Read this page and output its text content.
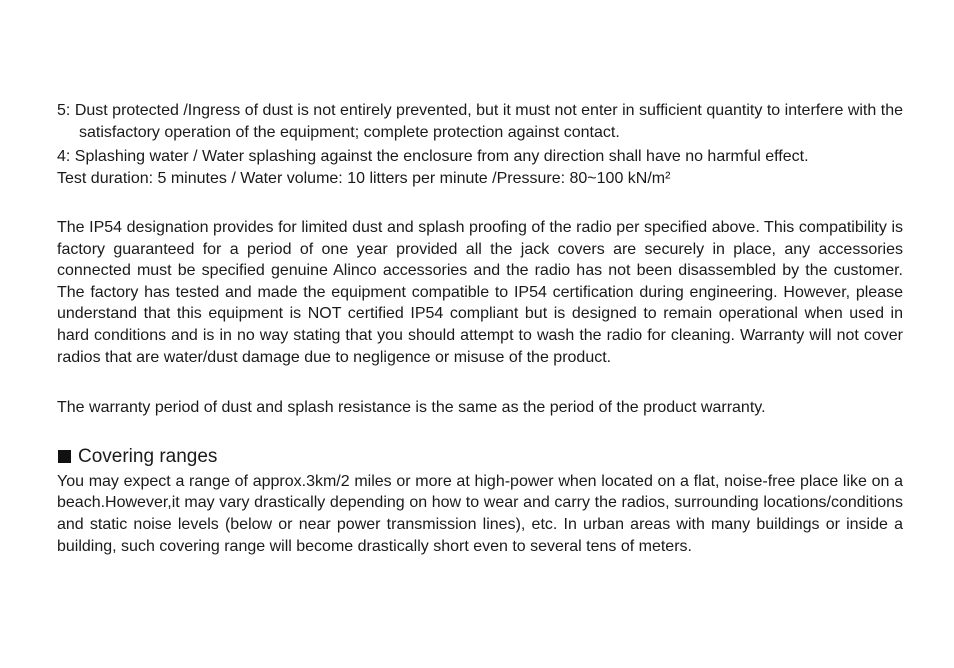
5: Dust protected /Ingress of dust is not entirely prevented, but it must not enter in sufficient quantity to interfere with the satisfactory operation of the equipment; complete protection against contact.

4: Splashing water / Water splashing against the enclosure from any direction shall have no harmful effect.
Test duration: 5 minutes / Water volume: 10 litters per minute /Pressure: 80~100 kN/m²

The IP54 designation provides for limited dust and splash proofing of the radio per specified above. This compatibility is factory guaranteed for a period of one year provided all the jack covers are securely in place, any accessories connected must be specified genuine Alinco accessories and the radio has not been disassembled by the customer. The factory has tested and made the equipment compatible to IP54 certification during engineering. However, please understand that this equipment is NOT certified IP54 compliant but is designed to remain operational when used in hard conditions and is in no way stating that you should attempt to wash the radio for cleaning. Warranty will not cover radios that are water/dust damage due to negligence or misuse of the product.

The warranty period of dust and splash resistance is the same as the period of the product warranty.

Covering ranges

You may expect a range of approx.3km/2 miles or more at high-power when located on a flat, noise-free place like on a beach.However,it may vary drastically depending on how to wear and carry the radios, surrounding locations/conditions and static noise levels (below or near power transmission lines), etc. In urban areas with many buildings or inside a building, such covering range will become drastically short even to several tens of meters.
